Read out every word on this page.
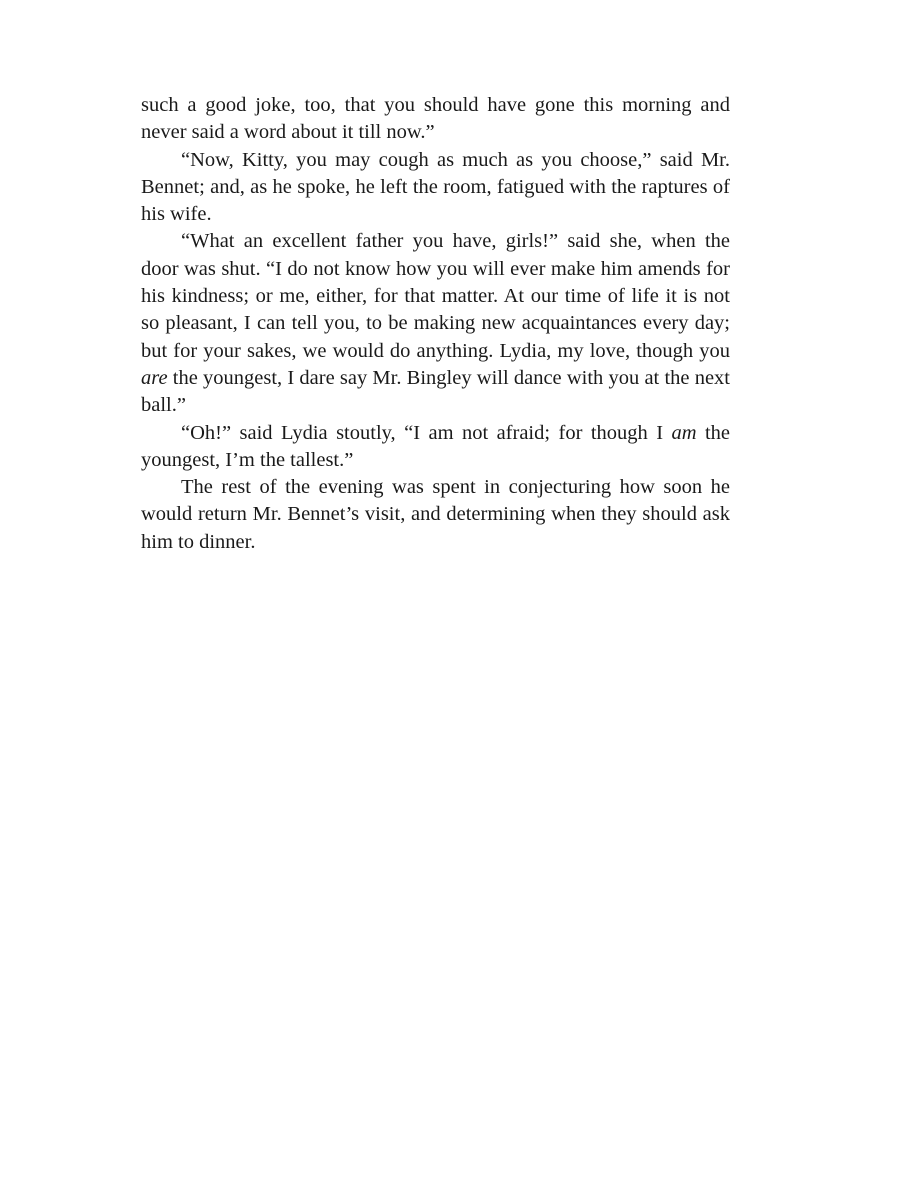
such a good joke, too, that you should have gone this morning and never said a word about it till now.”

“Now, Kitty, you may cough as much as you choose,” said Mr. Bennet; and, as he spoke, he left the room, fatigued with the raptures of his wife.

“What an excellent father you have, girls!” said she, when the door was shut. “I do not know how you will ever make him amends for his kindness; or me, either, for that matter. At our time of life it is not so pleasant, I can tell you, to be making new acquaintances every day; but for your sakes, we would do anything. Lydia, my love, though you are the youngest, I dare say Mr. Bingley will dance with you at the next ball.”

“Oh!” said Lydia stoutly, “I am not afraid; for though I am the youngest, I’m the tallest.”

The rest of the evening was spent in conjecturing how soon he would return Mr. Bennet’s visit, and determining when they should ask him to dinner.
